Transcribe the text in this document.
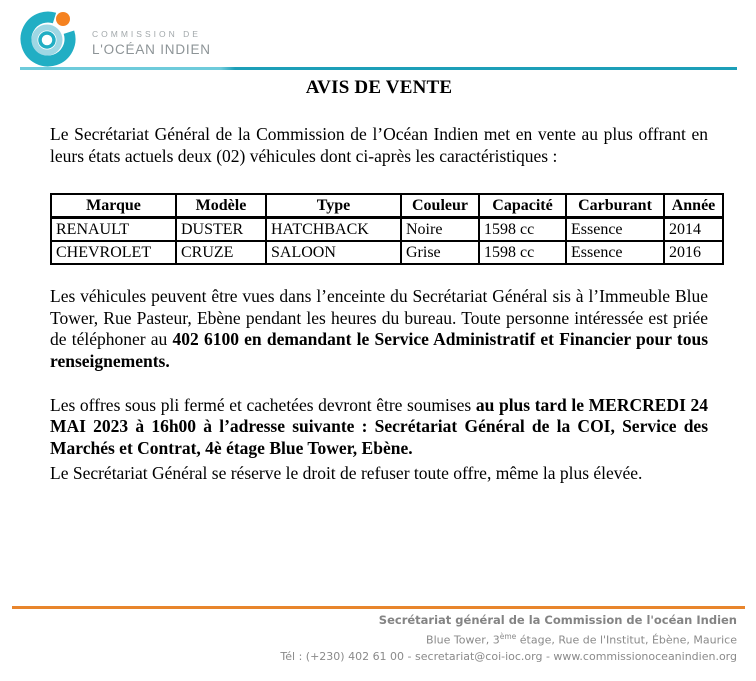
COMMISSION DE
L'OCÉAN INDIEN
AVIS DE VENTE

Le Secrétariat Général de la Commission de l’Océan Indien met en vente au plus offrant en leurs états actuels deux (02) véhicules dont ci-après les caractéristiques :

Marque	Modèle	Type	Couleur	Capacité	Carburant	Année
RENAULT	DUSTER	HATCHBACK	Noire	1598 cc	Essence	2014
CHEVROLET	CRUZE	SALOON	Grise	1598 cc	Essence	2016

Les véhicules peuvent être vues dans l’enceinte du Secrétariat Général sis à l’Immeuble Blue Tower, Rue Pasteur, Ebène pendant les heures du bureau. Toute personne intéressée est priée de téléphoner au 402 6100 en demandant le Service Administratif et Financier pour tous renseignements.

Les offres sous pli fermé et cachetées devront être soumises au plus tard le MERCREDI 24 MAI 2023 à 16h00 à l’adresse suivante : Secrétariat Général de la COI, Service des Marchés et Contrat, 4è étage Blue Tower, Ebène.

Le Secrétariat Général se réserve le droit de refuser toute offre, même la plus élevée.

Secrétariat général de la Commission de l'océan Indien
Blue Tower, 3ème étage, Rue de l'Institut, Ébène, Maurice
Tél : (+230) 402 61 00 - secretariat@coi-ioc.org - www.commissionoceanindien.org
